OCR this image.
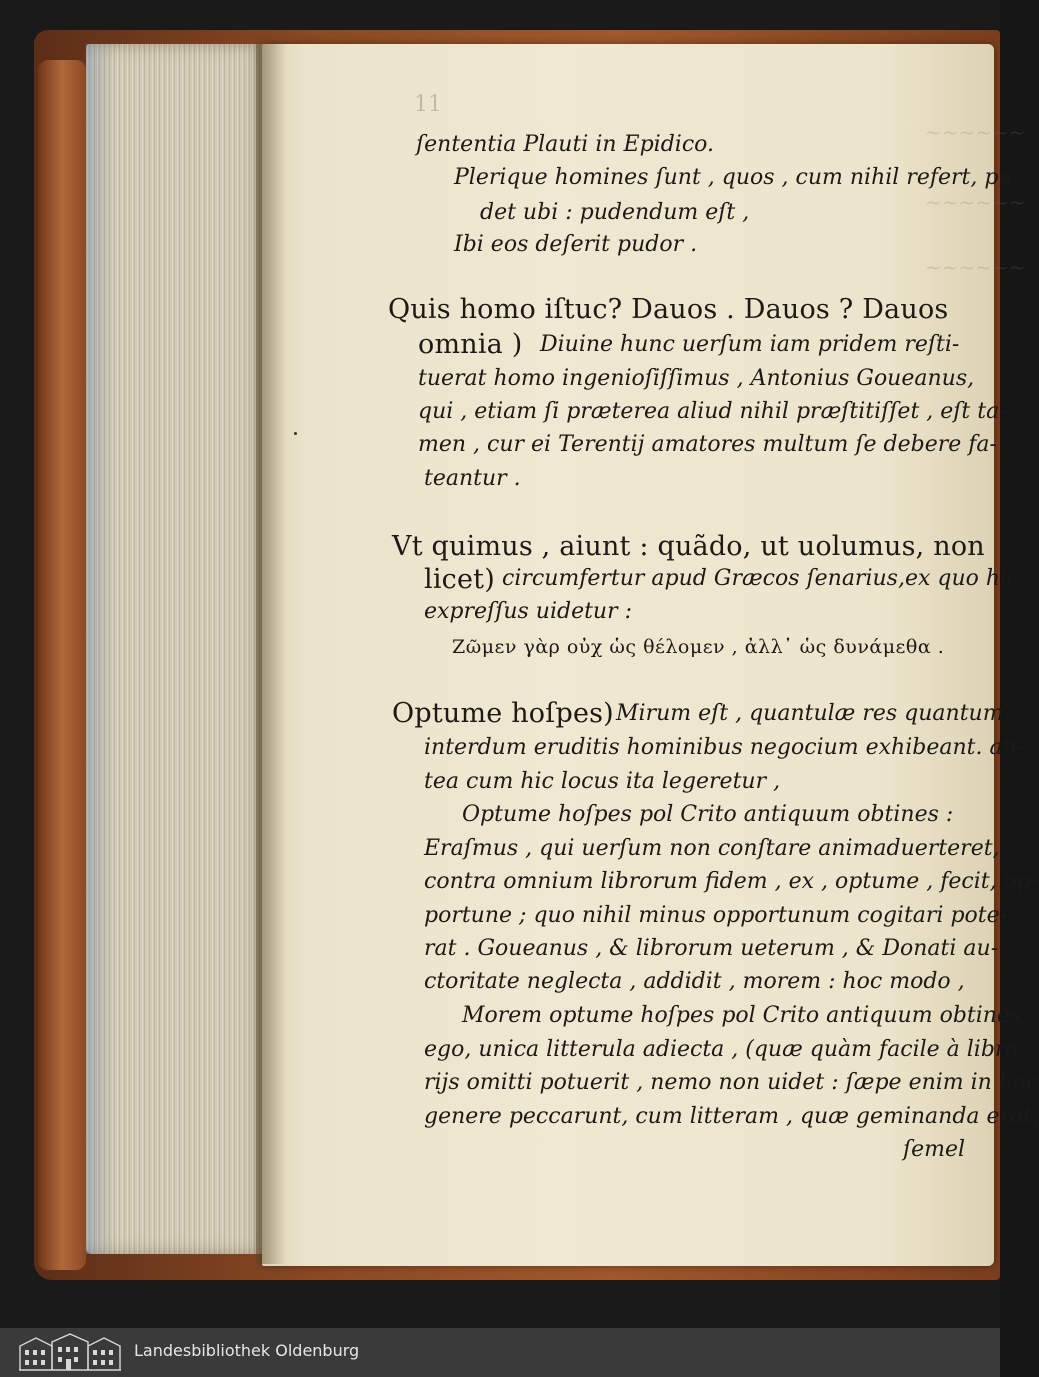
~~~~~~
~~~~~~
~~~~~~
11
ſententia Plauti in Epidico.
Plerique homines ſunt , quos , cum nihil refert, pu-
det ubi : pudendum eſt ,
Ibi eos deſerit pudor .
Quis homo iſtuc? Dauos . Dauos ? Dauos
omnia ) Diuine hunc uerſum iam pridem reſti-
tuerat homo ingenioſiſſimus , Antonius Goueanus,
qui , etiam ſi præterea aliud nihil præſtitiſſet , eſt ta-
men , cur ei Terentij amatores multum ſe debere fa-
teantur .
Vt quimus , aiunt : quãdo, ut uolumus, non
licet) circumfertur apud Græcos ſenarius,ex quo hic
expreſſus uidetur :
Ζῶμεν γὰρ οὐχ ὡς θέλομεν , ἀλλ᾽ ὡς δυνάμεθα .
Optume hoſpes) Mirum eſt , quantulæ res quantum
interdum eruditis hominibus negocium exhibeant. an-
tea cum hic locus ita legeretur ,
Optume hoſpes pol Crito antiquum obtines :
Eraſmus , qui uerſum non conſtare animaduerteret,
contra omnium librorum fidem , ex , optume , fecit, op-
portune ; quo nihil minus opportunum cogitari pote-
rat . Goueanus , & librorum ueterum , & Donati au-
ctoritate neglecta , addidit , morem : hoc modo ,
Morem optume hoſpes pol Crito antiquum obtines.
ego, unica litterula adiecta , (quæ quàm facile à libra-
rijs omitti potuerit , nemo non uidet : ſæpe enim in hoc
genere peccarunt, cum litteram , quæ geminanda erat,
ſemel
Landesbibliothek Oldenburg
